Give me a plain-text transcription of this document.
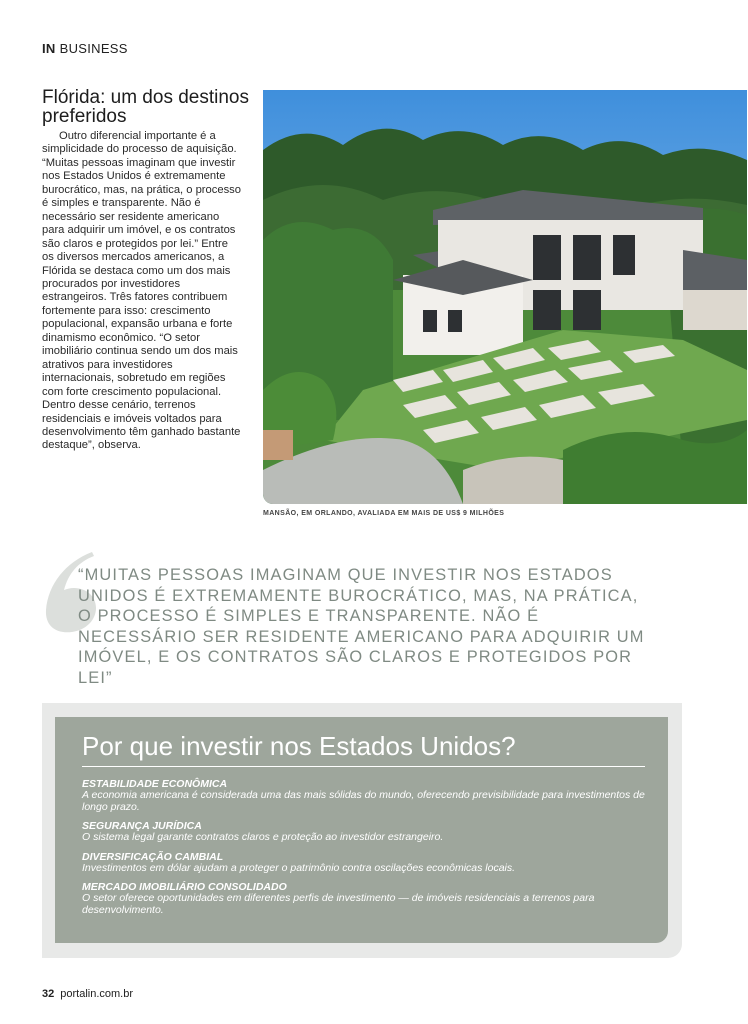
IN BUSINESS
Flórida: um dos destinos preferidos

Outro diferencial importante é a simplicidade do processo de aquisição. “Muitas pessoas imaginam que investir nos Estados Unidos é extremamente burocrático, mas, na prática, o processo é simples e transparente. Não é necessário ser residente americano para adquirir um imóvel, e os contratos são claros e protegidos por lei.” Entre os diversos mercados americanos, a Flórida se destaca como um dos mais procurados por investidores estrangeiros. Três fatores contribuem fortemente para isso: crescimento populacional, expansão urbana e forte dinamismo econômico. “O setor imobiliário continua sendo um dos mais atrativos para investidores internacionais, sobretudo em regiões com forte crescimento populacional. Dentro desse cenário, terrenos residenciais e imóveis voltados para desenvolvimento têm ganhado bastante destaque”, observa.

MANSÃO, EM ORLANDO, AVALIADA EM MAIS DE US$ 9 MILHÕES

“MUITAS PESSOAS IMAGINAM QUE INVESTIR NOS ESTADOS UNIDOS É EXTREMAMENTE BUROCRÁTICO, MAS, NA PRÁTICA, O PROCESSO É SIMPLES E TRANSPARENTE. NÃO É NECESSÁRIO SER RESIDENTE AMERICANO PARA ADQUIRIR UM IMÓVEL, E OS CONTRATOS SÃO CLAROS E PROTEGIDOS POR LEI”

Por que investir nos Estados Unidos?
ESTABILIDADE ECONÔMICA
A economia americana é considerada uma das mais sólidas do mundo, oferecendo previsibilidade para investimentos de longo prazo.
SEGURANÇA JURÍDICA
O sistema legal garante contratos claros e proteção ao investidor estrangeiro.
DIVERSIFICAÇÃO CAMBIAL
Investimentos em dólar ajudam a proteger o patrimônio contra oscilações econômicas locais.
MERCADO IMOBILIÁRIO CONSOLIDADO
O setor oferece oportunidades em diferentes perfis de investimento — de imóveis residenciais a terrenos para desenvolvimento.
32 portalin.com.br
